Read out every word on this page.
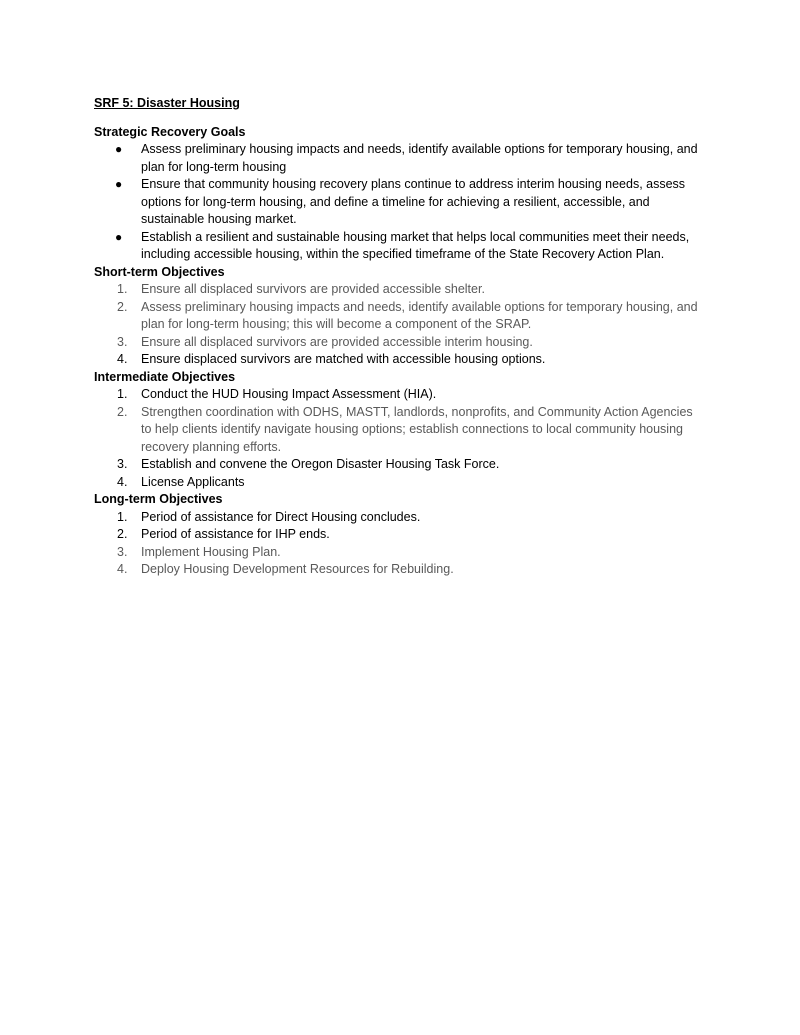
SRF 5: Disaster Housing
Strategic Recovery Goals
● Assess preliminary housing impacts and needs, identify available options for temporary housing, and plan for long-term housing
● Ensure that community housing recovery plans continue to address interim housing needs, assess options for long-term housing, and define a timeline for achieving a resilient, accessible, and sustainable housing market.
● Establish a resilient and sustainable housing market that helps local communities meet their needs, including accessible housing, within the specified timeframe of the State Recovery Action Plan.
Short-term Objectives
1. Ensure all displaced survivors are provided accessible shelter.
2. Assess preliminary housing impacts and needs, identify available options for temporary housing, and plan for long-term housing; this will become a component of the SRAP.
3. Ensure all displaced survivors are provided accessible interim housing.
4. Ensure displaced survivors are matched with accessible housing options.
Intermediate Objectives
1. Conduct the HUD Housing Impact Assessment (HIA).
2. Strengthen coordination with ODHS, MASTT, landlords, nonprofits, and Community Action Agencies to help clients identify navigate housing options; establish connections to local community housing recovery planning efforts.
3. Establish and convene the Oregon Disaster Housing Task Force.
4. License Applicants
Long-term Objectives
1. Period of assistance for Direct Housing concludes.
2. Period of assistance for IHP ends.
3. Implement Housing Plan.
4. Deploy Housing Development Resources for Rebuilding.
